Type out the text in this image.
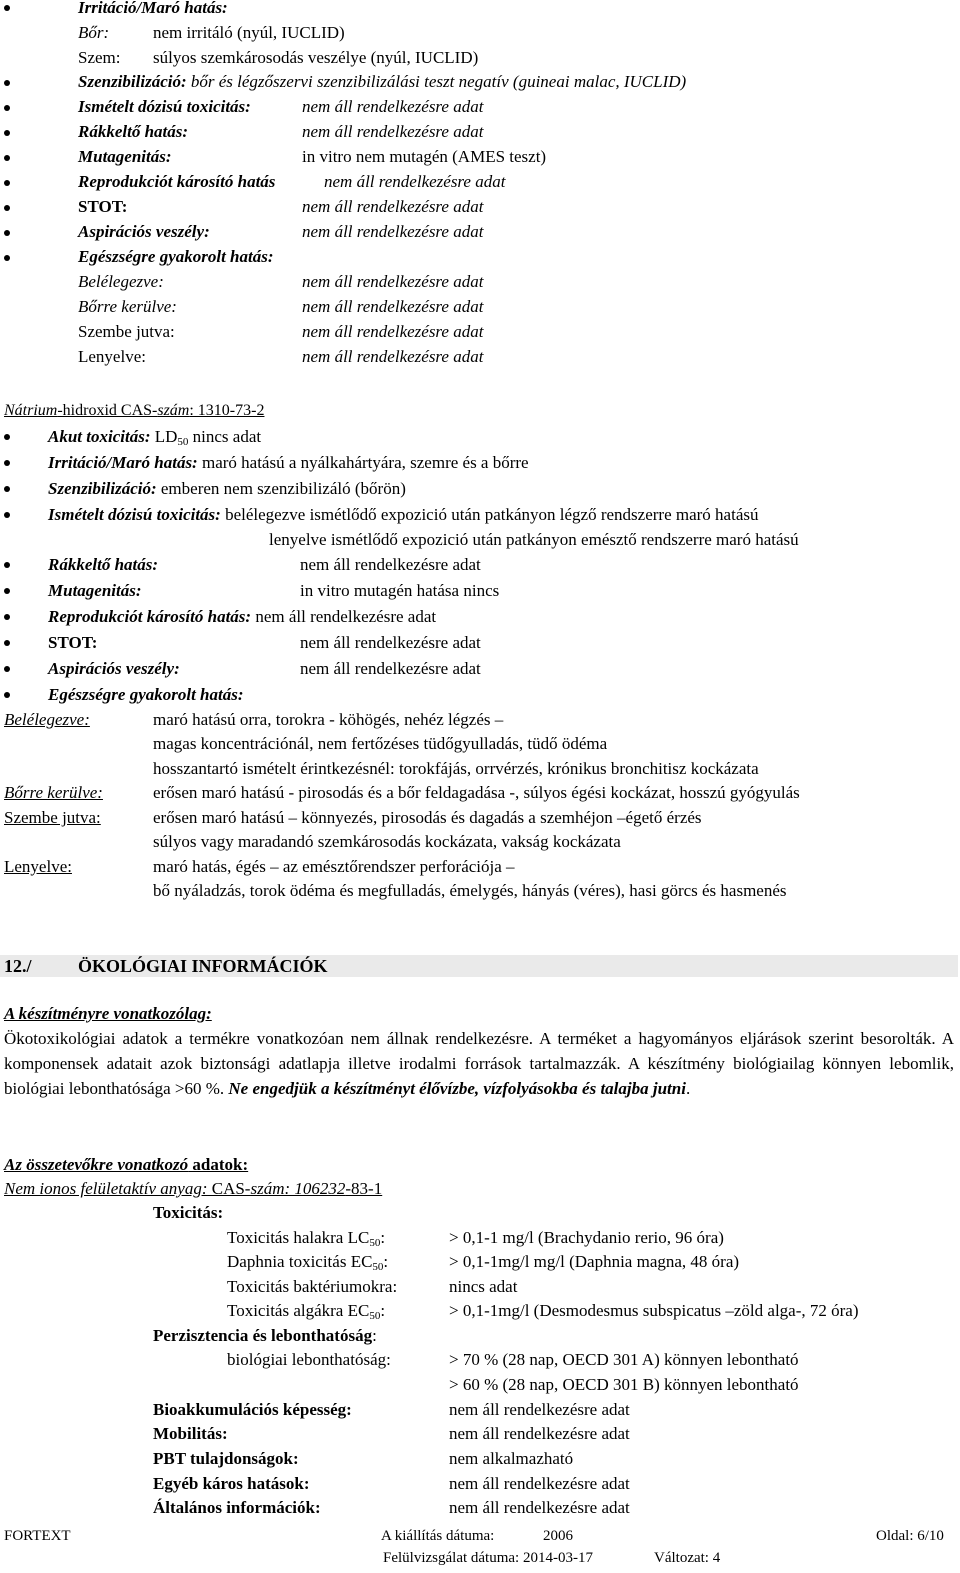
Irritáció/Maró hatás:
Bőr:	nem irritáló (nyúl, IUCLID)
Szem: súlyos szemkárosodás veszélye (nyúl, IUCLID)
Szenzibilizáció: bőr és légzőszervi szenzibilizálási teszt negatív (guineai malac, IUCLID)
Ismételt dózisú toxicitás:	nem áll rendelkezésre adat
Rákkeltő hatás:	nem áll rendelkezésre adat
Mutagenitás:	in vitro nem mutagén (AMES teszt)
Reprodukciót károsító hatás	nem áll rendelkezésre adat
STOT:	nem áll rendelkezésre adat
Aspirációs veszély:	nem áll rendelkezésre adat
Egészségre gyakorolt hatás:
Belélegezve:	nem áll rendelkezésre adat
Bőrre kerülve:	nem áll rendelkezésre adat
Szembe jutva:	nem áll rendelkezésre adat
Lenyelve:	nem áll rendelkezésre adat
Nátrium-hidroxid CAS-szám: 1310-73-2
Akut toxicitás: $LD_{50}$ nincs adat
Irritáció/Maró hatás: maró hatású a nyálkahártyára, szemre és a bőrre
Szenzibilizáció: emberen nem szenzibilizáló (bőrön)
Ismételt dózisú toxicitás: belélegezve ismétlődő expozició után patkányon légző rendszerre maró hatású
lenyelve ismétlődő expozició után patkányon emésztő rendszerre maró hatású
Rákkeltő hatás:	nem áll rendelkezésre adat
Mutagenitás:	in vitro mutagén hatása nincs
Reprodukciót károsító hatás: nem áll rendelkezésre adat
STOT:	nem áll rendelkezésre adat
Aspirációs veszély:	nem áll rendelkezésre adat
Egészségre gyakorolt hatás:
Belélegezve:	maró hatású orra, torokra - köhögés, nehéz légzés –
magas koncentrációnál, nem fertőzéses tüdőgyulladás, tüdő ödéma
hosszantartó ismételt érintkezésnél: torokfájás, orrvérzés, krónikus bronchitisz kockázata
Bőrre kerülve:	erősen maró hatású - pirosodás és a bőr feldagadása -, súlyos égési kockázat, hosszú gyógyulás
Szembe jutva:	erősen maró hatású – könnyezés, pirosodás és dagadás a szemhéjon –égető érzés
súlyos vagy maradandó szemkárosodás kockázata, vakság kockázata
Lenyelve:	maró hatás, égés – az emésztőrendszer perforációja –
bő nyáladzás, torok ödéma és megfulladás, émelygés, hányás (véres), hasi görcs és hasmenés
12./	ÖKOLÓGIAI INFORMÁCIÓK
A készítményre vonatkozólag:
Ökotoxikológiai adatok a termékre vonatkozóan nem állnak rendelkezésre. A terméket a hagyományos eljárások szerint besorolták. A komponensek adatait azok biztonsági adatlapja illetve irodalmi források tartalmazzák. A készítmény biológiailag könnyen lebomlik, biológiai lebonthatósága >60 %. Ne engedjük a készítményt élővízbe, vízfolyásokba és talajba jutni.
Az összetevőkre vonatkozó adatok:
Nem ionos felületaktív anyag: CAS-szám: 106232-83-1
Toxicitás:
Toxicitás halakra $LC_{50}$:	> 0,1-1 mg/l (Brachydanio rerio, 96 óra)
Daphnia toxicitás $EC_{50}$:	> 0,1-1mg/l mg/l (Daphnia magna, 48 óra)
Toxicitás baktériumokra:	nincs adat
Toxicitás algákra $EC_{50}$:	> 0,1-1mg/l (Desmodesmus subspicatus –zöld alga-, 72 óra)
Perzisztencia és lebonthatóság:
biológiai lebonthatóság:	> 70 % (28 nap, OECD 301 A) könnyen lebontható
> 60 % (28 nap, OECD 301 B) könnyen lebontható
Bioakkumulációs képesség:	nem áll rendelkezésre adat
Mobilitás:	nem áll rendelkezésre adat
PBT tulajdonságok:	nem alkalmazható
Egyéb káros hatások:	nem áll rendelkezésre adat
Általános információk:	nem áll rendelkezésre adat
FORTEXT	A kiállítás dátuma:	2006	Oldal: 6/10
Felülvizsgálat dátuma: 2014-03-17	Változat: 4
